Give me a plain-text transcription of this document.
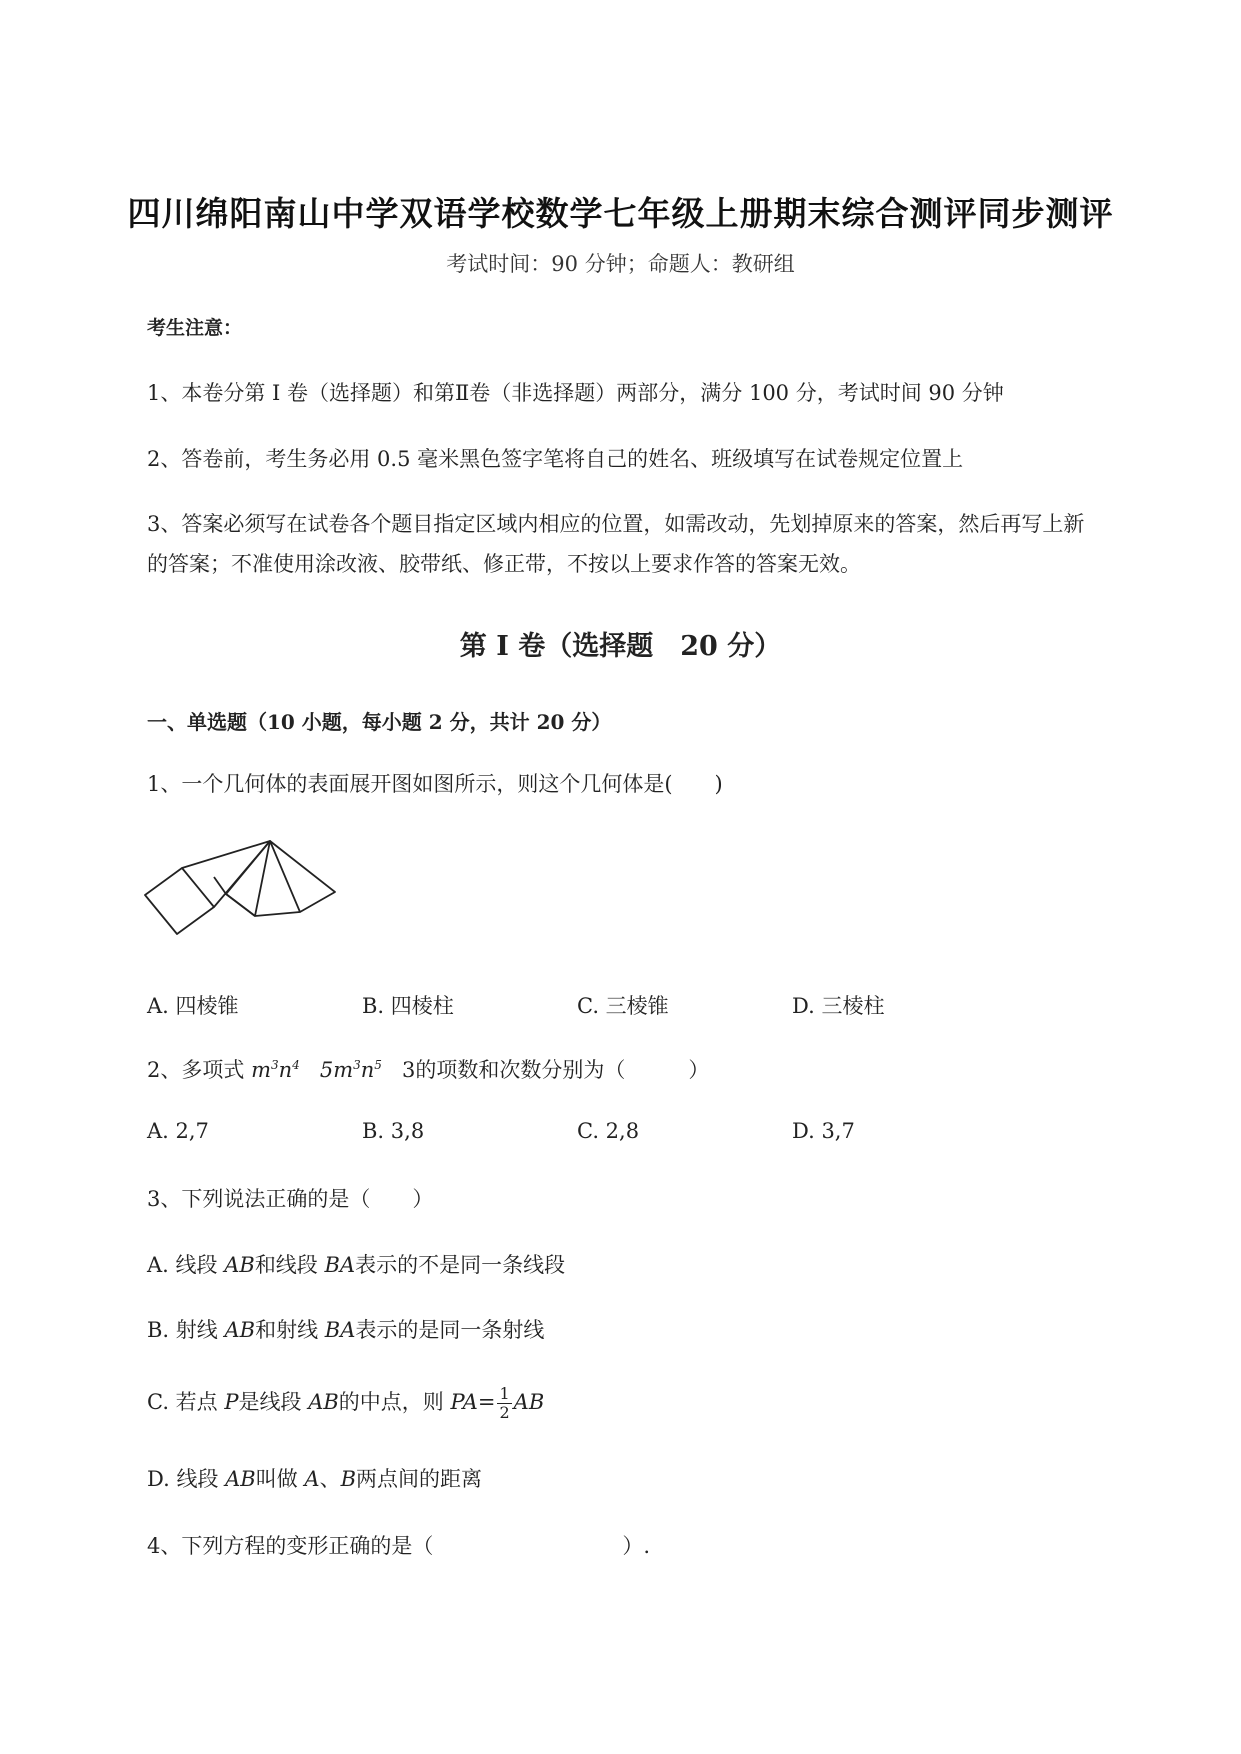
四川绵阳南山中学双语学校数学七年级上册期末综合测评同步测评
考试时间：90 分钟；命题人：教研组
考生注意：
1、本卷分第 I 卷（选择题）和第Ⅱ卷（非选择题）两部分，满分 100 分，考试时间 90 分钟
2、答卷前，考生务必用 0.5 毫米黑色签字笔将自己的姓名、班级填写在试卷规定位置上
3、答案必须写在试卷各个题目指定区域内相应的位置，如需改动，先划掉原来的答案，然后再写上新
的答案；不准使用涂改液、胶带纸、修正带，不按以上要求作答的答案无效。
第 I 卷（选择题　20 分）
一、单选题（10 小题，每小题 2 分，共计 20 分）
1、一个几何体的表面展开图如图所示，则这个几何体是(　　)
A. 四棱锥	B. 四棱柱	C. 三棱锥	D. 三棱柱
2、多项式 $m^3n^4$ $5m^3n^5$ 3的项数和次数分别为（　　　）
A. 2,7	B. 3,8	C. 2,8	D. 3,7
3、下列说法正确的是（　　）
A. 线段 AB和线段 BA表示的不是同一条线段
B. 射线 AB和射线 BA表示的是同一条射线
C. 若点 P是线段 AB的中点，则 $PA= \frac{1}{2}$ AB
D. 线段 AB叫做 A、B两点间的距离
4、下列方程的变形正确的是（　　　　　　　　　）.
